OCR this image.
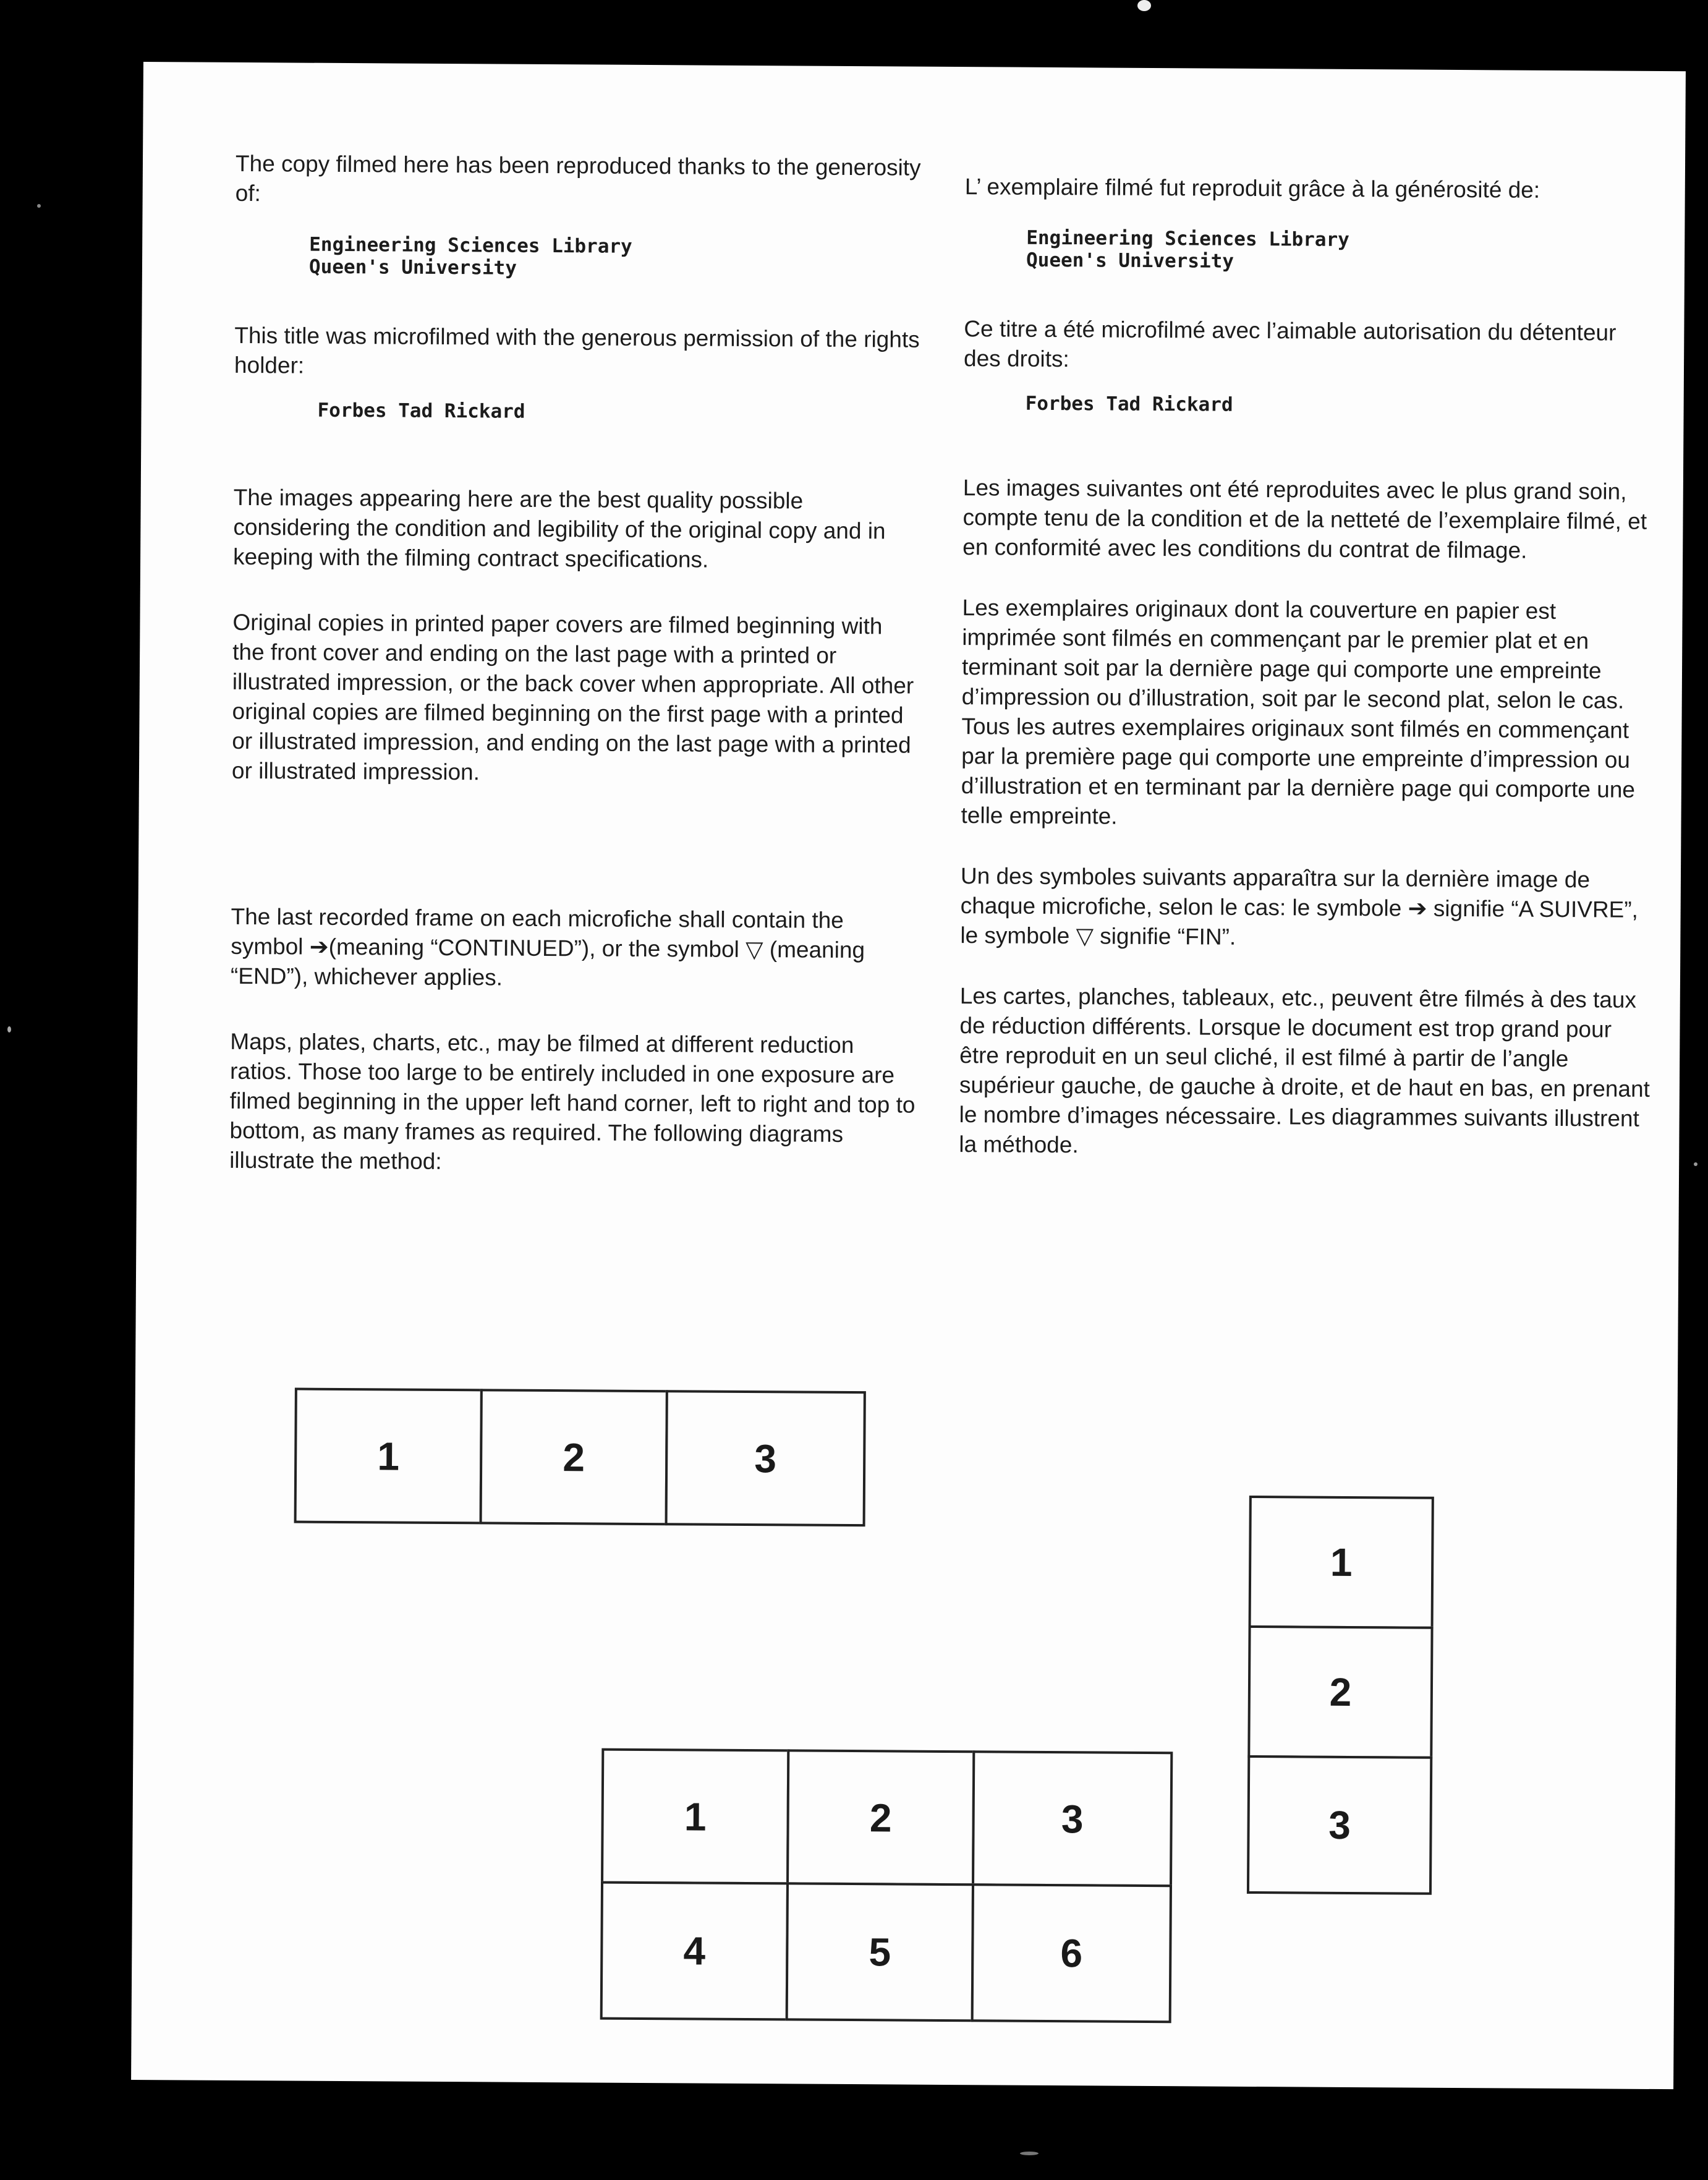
The copy filmed here has been reproduced thanks to the generosity of:

Engineering Sciences Library

Queen's University

This title was microfilmed with the generous permission of the rights holder:

Forbes Tad Rickard

The images appearing here are the best quality possible considering the condition and legibility of the original copy and in keeping with the filming contract specifications.

Original copies in printed paper covers are filmed beginning with the front cover and ending on the last page with a printed or illustrated impression, or the back cover when appropriate. All other original copies are filmed beginning on the first page with a printed or illustrated impression, and ending on the last page with a printed or illustrated impression.

The last recorded frame on each microfiche shall contain the symbol ➔(meaning “CONTINUED”), or the symbol ▽ (meaning “END”), whichever applies.

Maps, plates, charts, etc., may be filmed at different reduction ratios. Those too large to be entirely included in one exposure are filmed beginning in the upper left hand corner, left to right and top to bottom, as many frames as required. The following diagrams illustrate the method:

L’ exemplaire filmé fut reproduit grâce à la générosité de:

Engineering Sciences Library

Queen's University

Ce titre a été microfilmé avec l’aimable autorisation du détenteur des droits:

Forbes Tad Rickard

Les images suivantes ont été reproduites avec le plus grand soin, compte tenu de la condition et de la netteté de l’exemplaire filmé, et en conformité avec les conditions du contrat de filmage.

Les exemplaires originaux dont la couverture en papier est imprimée sont filmés en commençant par le premier plat et en terminant soit par la dernière page qui comporte une empreinte d’impression ou d’illustration, soit par le second plat, selon le cas. Tous les autres exemplaires originaux sont filmés en commençant par la première page qui comporte une empreinte d’impression ou d’illustration et en terminant par la dernière page qui comporte une telle empreinte.

Un des symboles suivants apparaîtra sur la dernière image de chaque microfiche, selon le cas: le symbole ➔ signifie “A SUIVRE”, le symbole ▽ signifie “FIN”.

Les cartes, planches, tableaux, etc., peuvent être filmés à des taux de réduction différents. Lorsque le document est trop grand pour être reproduit en un seul cliché, il est filmé à partir de l’angle supérieur gauche, de gauche à droite, et de haut en bas, en prenant le nombre d’images nécessaire. Les diagrammes suivants illustrent la méthode.

1	2	3
1
2
3
1	2	3
4	5	6
